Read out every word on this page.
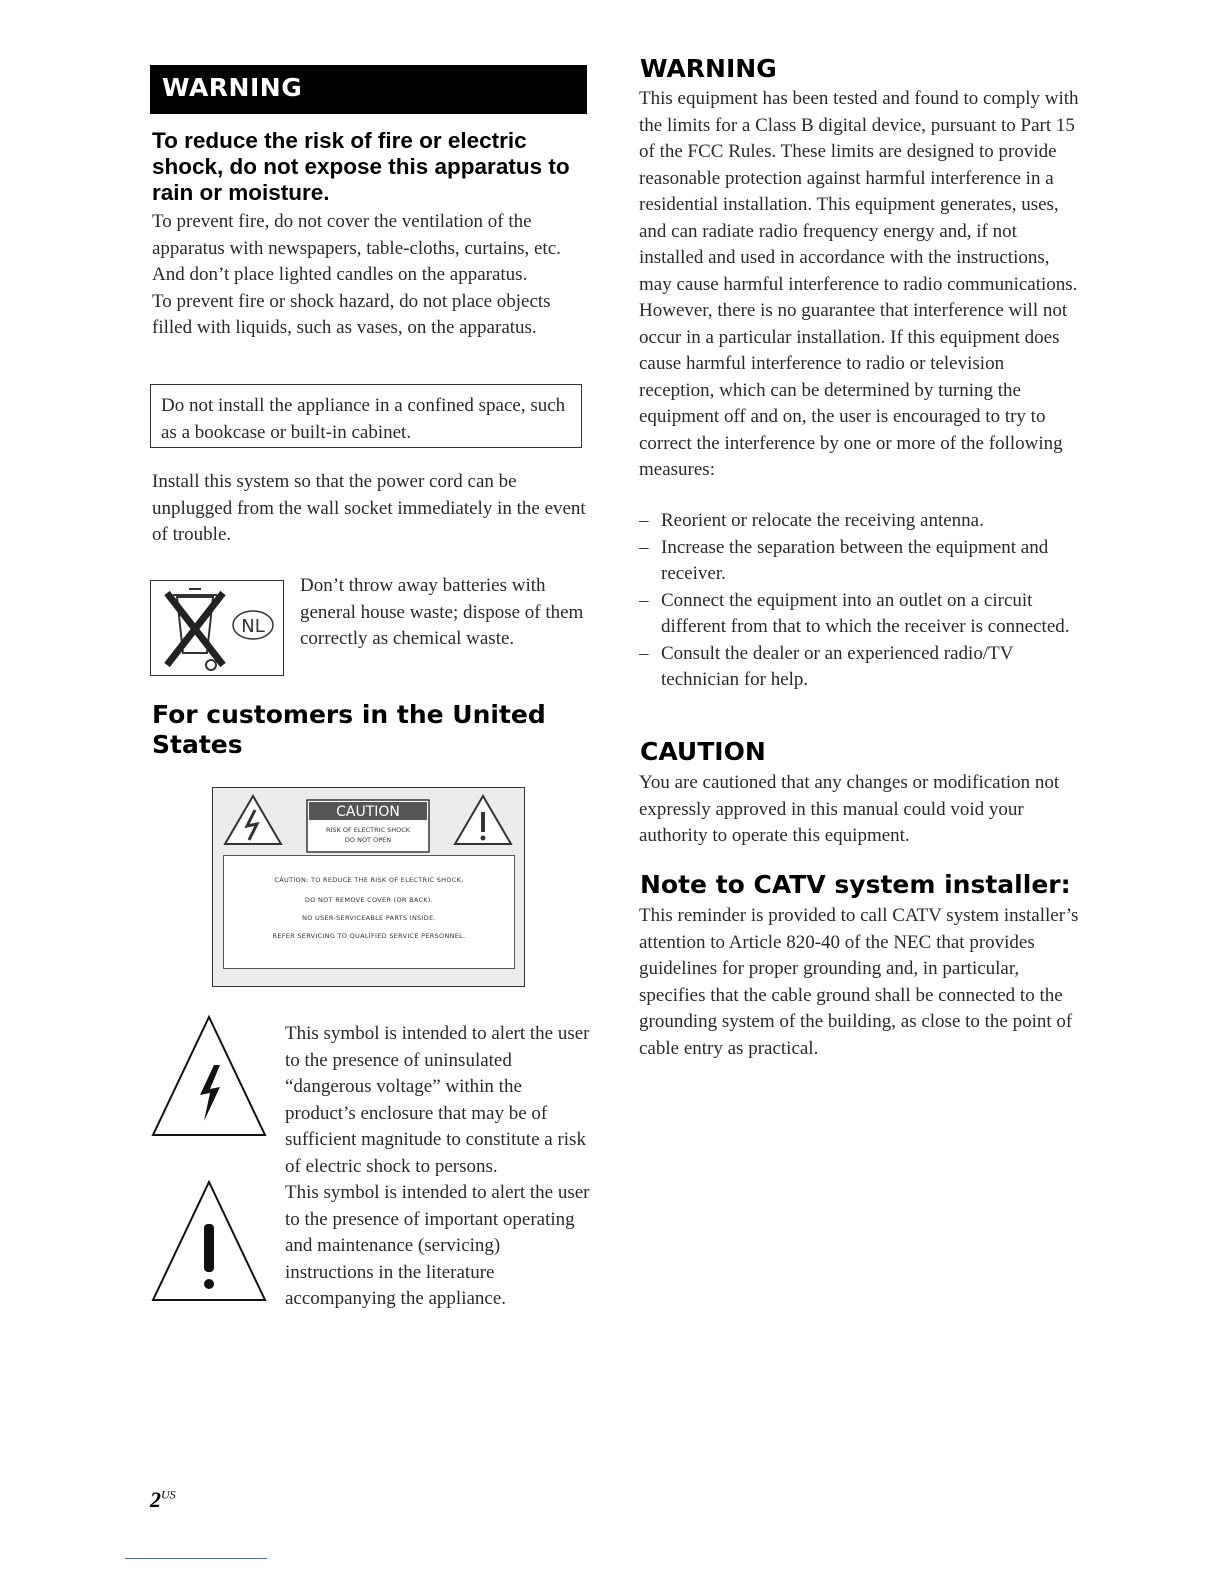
WARNING
To reduce the risk of fire or electric shock, do not expose this apparatus to rain or moisture.

To prevent fire, do not cover the ventilation of the apparatus with newspapers, table-cloths, curtains, etc. And don’t place lighted candles on the apparatus.

To prevent fire or shock hazard, do not place objects filled with liquids, such as vases, on the apparatus.

Do not install the appliance in a confined space, such as a bookcase or built-in cabinet.
Install this system so that the power cord can be unplugged from the wall socket immediately in the event of trouble.
NL
Don’t throw away batteries with general house waste; dispose of them correctly as chemical waste.
For customers in the United States
CAUTION
RISK OF ELECTRIC SHOCK
DO NOT OPEN
CAUTION: TO REDUCE THE RISK OF ELECTRIC SHOCK,
DO NOT REMOVE COVER (OR BACK).
NO USER-SERVICEABLE PARTS INSIDE.
REFER SERVICING TO QUALIFIED SERVICE PERSONNEL.
This symbol is intended to alert the user to the presence of uninsulated “dangerous voltage” within the product’s enclosure that may be of sufficient magnitude to constitute a risk of electric shock to persons.
This symbol is intended to alert the user to the presence of important operating and maintenance (servicing) instructions in the literature accompanying the appliance.
$2^{US}$
WARNING
This equipment has been tested and found to comply with the limits for a Class B digital device, pursuant to Part 15 of the FCC Rules. These limits are designed to provide reasonable protection against harmful interference in a residential installation. This equipment generates, uses, and can radiate radio frequency energy and, if not installed and used in accordance with the instructions, may cause harmful interference to radio communications. However, there is no guarantee that interference will not occur in a particular installation. If this equipment does cause harmful interference to radio or television reception, which can be determined by turning the equipment off and on, the user is encouraged to try to correct the interference by one or more of the following measures:
– Reorient or relocate the receiving antenna.
– Increase the separation between the equipment and receiver.
– Connect the equipment into an outlet on a circuit different from that to which the receiver is connected.
– Consult the dealer or an experienced radio/TV technician for help.
CAUTION
You are cautioned that any changes or modification not expressly approved in this manual could void your authority to operate this equipment.
Note to CATV system installer:
This reminder is provided to call CATV system installer’s attention to Article 820-40 of the NEC that provides guidelines for proper grounding and, in particular, specifies that the cable ground shall be connected to the grounding system of the building, as close to the point of cable entry as practical.
